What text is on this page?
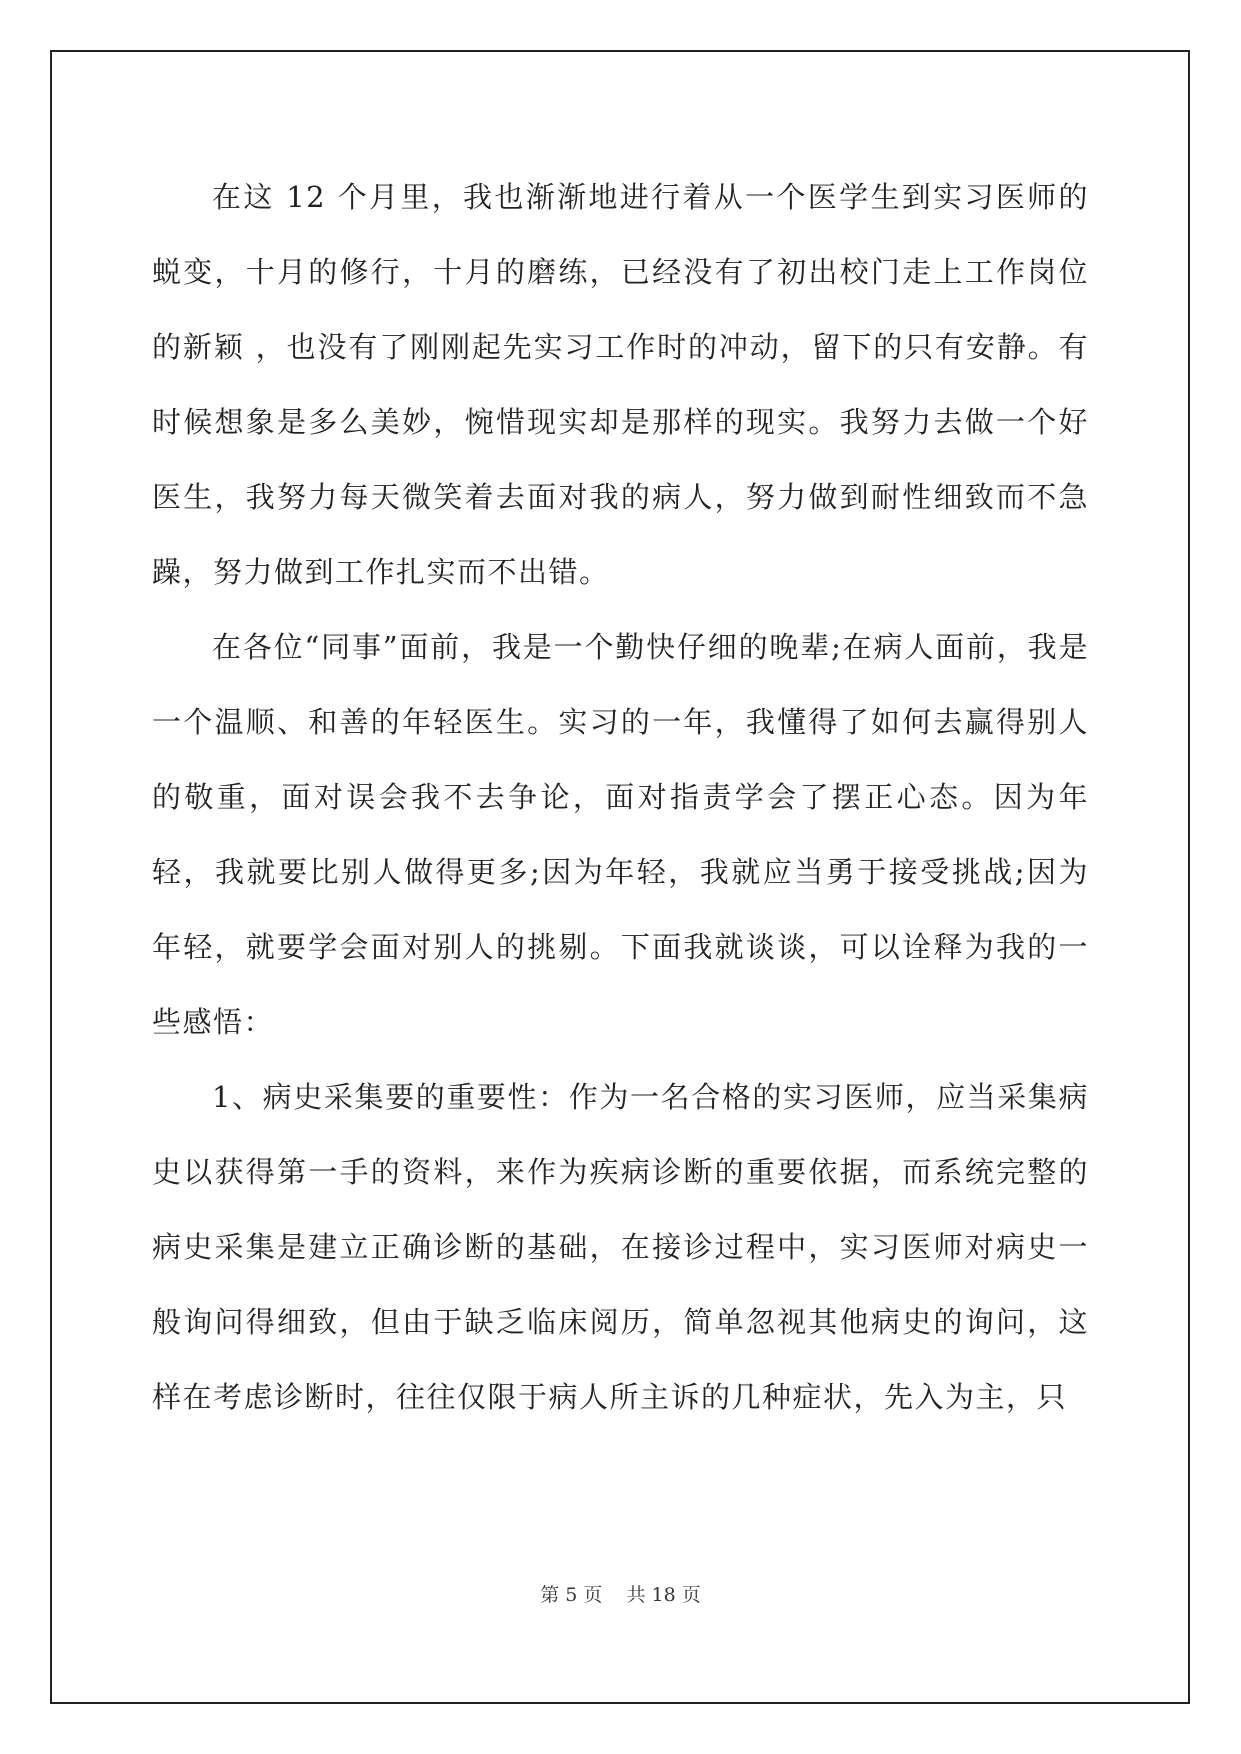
在这 12 个月里，我也渐渐地进行着从一个医学生到实习医师的蜕变，十月的修行，十月的磨练，已经没有了初出校门走上工作岗位的新颖 ，也没有了刚刚起先实习工作时的冲动，留下的只有安静。有时候想象是多么美妙，惋惜现实却是那样的现实。我努力去做一个好医生，我努力每天微笑着去面对我的病人，努力做到耐性细致而不急躁，努力做到工作扎实而不出错。

在各位“同事”面前，我是一个勤快仔细的晚辈;在病人面前，我是一个温顺、和善的年轻医生。实习的一年，我懂得了如何去赢得别人的敬重，面对误会我不去争论，面对指责学会了摆正心态。因为年轻，我就要比别人做得更多;因为年轻，我就应当勇于接受挑战;因为年轻，就要学会面对别人的挑剔。下面我就谈谈，可以诠释为我的一些感悟：

1、病史采集要的重要性：作为一名合格的实习医师，应当采集病史以获得第一手的资料，来作为疾病诊断的重要依据，而系统完整的病史采集是建立正确诊断的基础，在接诊过程中，实习医师对病史一般询问得细致，但由于缺乏临床阅历，简单忽视其他病史的询问，这样在考虑诊断时，往往仅限于病人所主诉的几种症状，先入为主，只

第 5 页 共 18 页
